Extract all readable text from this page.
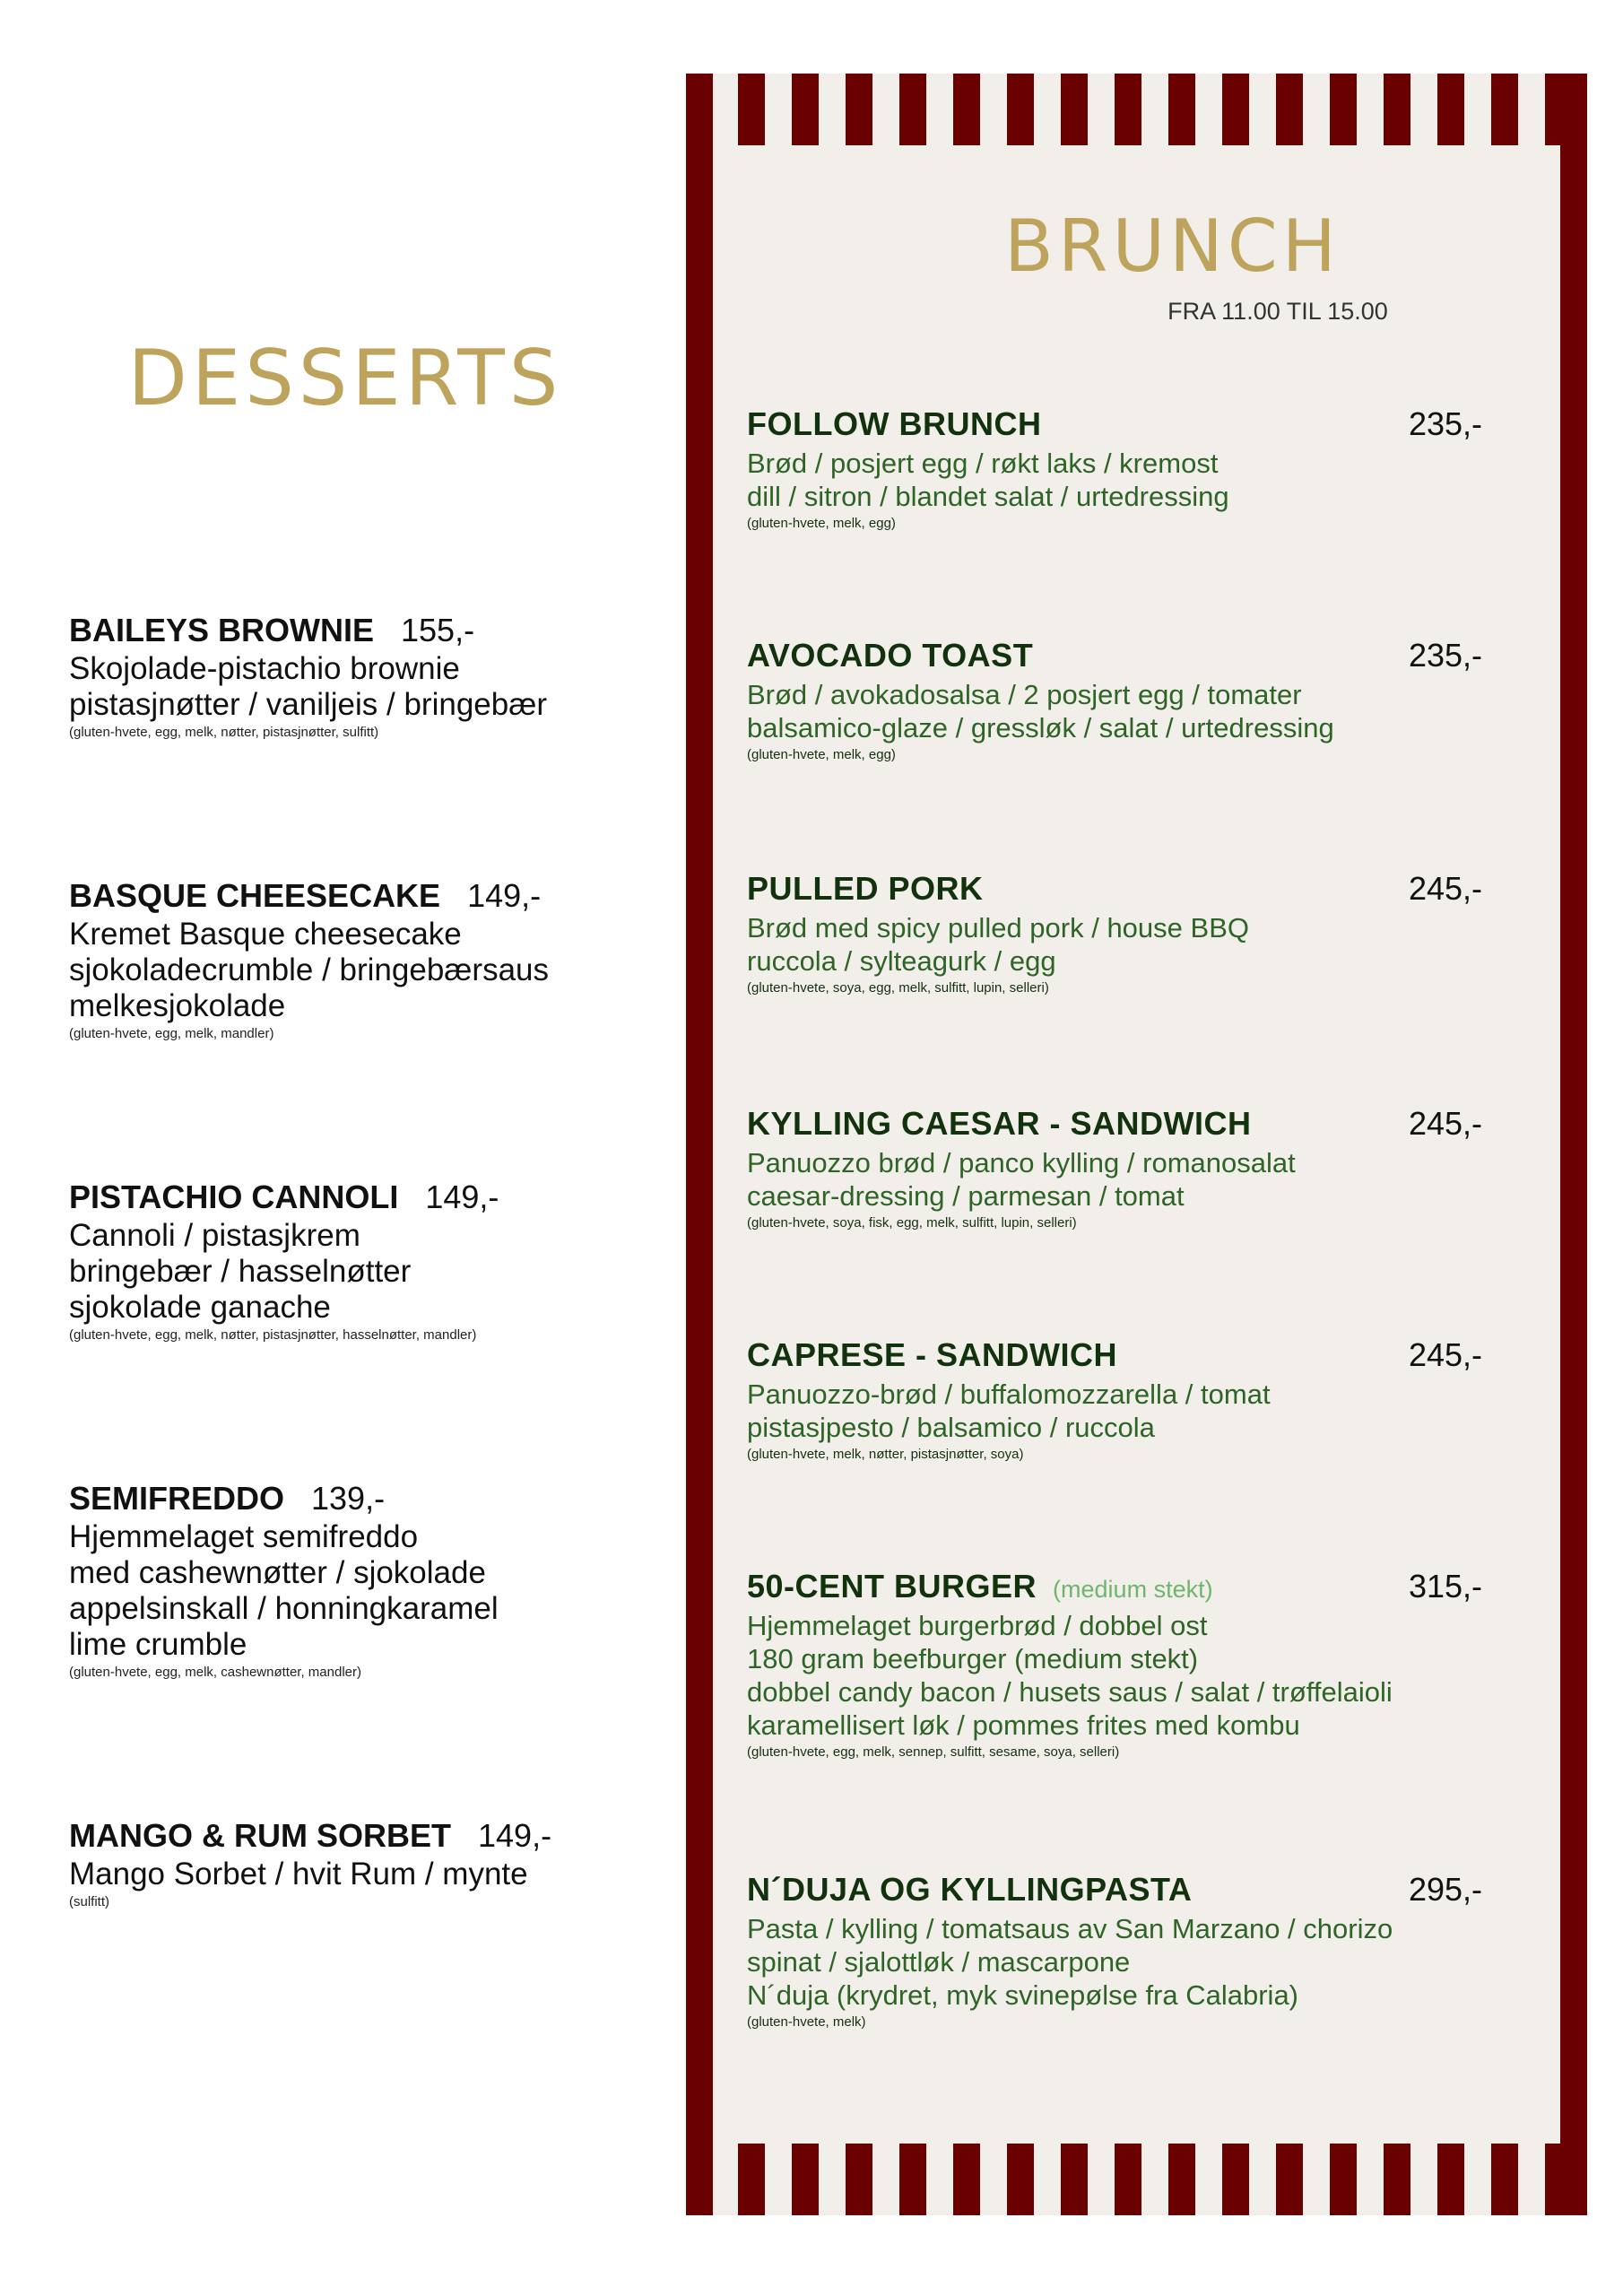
DESSERTS
BAILEYS BROWNIE 155,-
Skojolade-pistachio brownie
pistasjnøtter / vaniljeis / bringebær
(gluten-hvete, egg, melk, nøtter, pistasjnøtter, sulfitt)
BASQUE CHEESECAKE 149,-
Kremet Basque cheesecake
sjokoladecrumble / bringebærsaus
melkesjokolade
(gluten-hvete, egg, melk, mandler)
PISTACHIO CANNOLI 149,-
Cannoli / pistasjkrem
bringebær / hasselnøtter
sjokolade ganache
(gluten-hvete, egg, melk, nøtter, pistasjnøtter, hasselnøtter, mandler)
SEMIFREDDO 139,-
Hjemmelaget semifreddo
med cashewnøtter / sjokolade
appelsinskall / honningkaramel
lime crumble
(gluten-hvete, egg, melk, cashewnøtter, mandler)
MANGO & RUM SORBET 149,-
Mango Sorbet / hvit Rum / mynte
(sulfitt)
BRUNCH
FRA 11.00 TIL 15.00
FOLLOW BRUNCH	235,-
Brød / posjert egg / røkt laks / kremost
dill / sitron / blandet salat / urtedressing
(gluten-hvete, melk, egg)
AVOCADO TOAST	235,-
Brød / avokadosalsa / 2 posjert egg / tomater
balsamico-glaze / gressløk / salat / urtedressing
(gluten-hvete, melk, egg)
PULLED PORK	245,-
Brød med spicy pulled pork / house BBQ
ruccola / sylteagurk / egg
(gluten-hvete, soya, egg, melk, sulfitt, lupin, selleri)
KYLLING CAESAR - SANDWICH	245,-
Panuozzo brød / panco kylling / romanosalat
caesar-dressing / parmesan / tomat
(gluten-hvete, soya, fisk, egg, melk, sulfitt, lupin, selleri)
CAPRESE - SANDWICH	245,-
Panuozzo-brød / buffalomozzarella / tomat
pistasjpesto / balsamico / ruccola
(gluten-hvete, melk, nøtter, pistasjnøtter, soya)
50-CENT BURGER (medium stekt)	315,-
Hjemmelaget burgerbrød / dobbel ost
180 gram beefburger (medium stekt)
dobbel candy bacon / husets saus / salat / trøffelaioli
karamellisert løk / pommes frites med kombu
(gluten-hvete, egg, melk, sennep, sulfitt, sesame, soya, selleri)
N´DUJA OG KYLLINGPASTA	295,-
Pasta / kylling / tomatsaus av San Marzano / chorizo
spinat / sjalottløk / mascarpone
N´duja (krydret, myk svinepølse fra Calabria)
(gluten-hvete, melk)
